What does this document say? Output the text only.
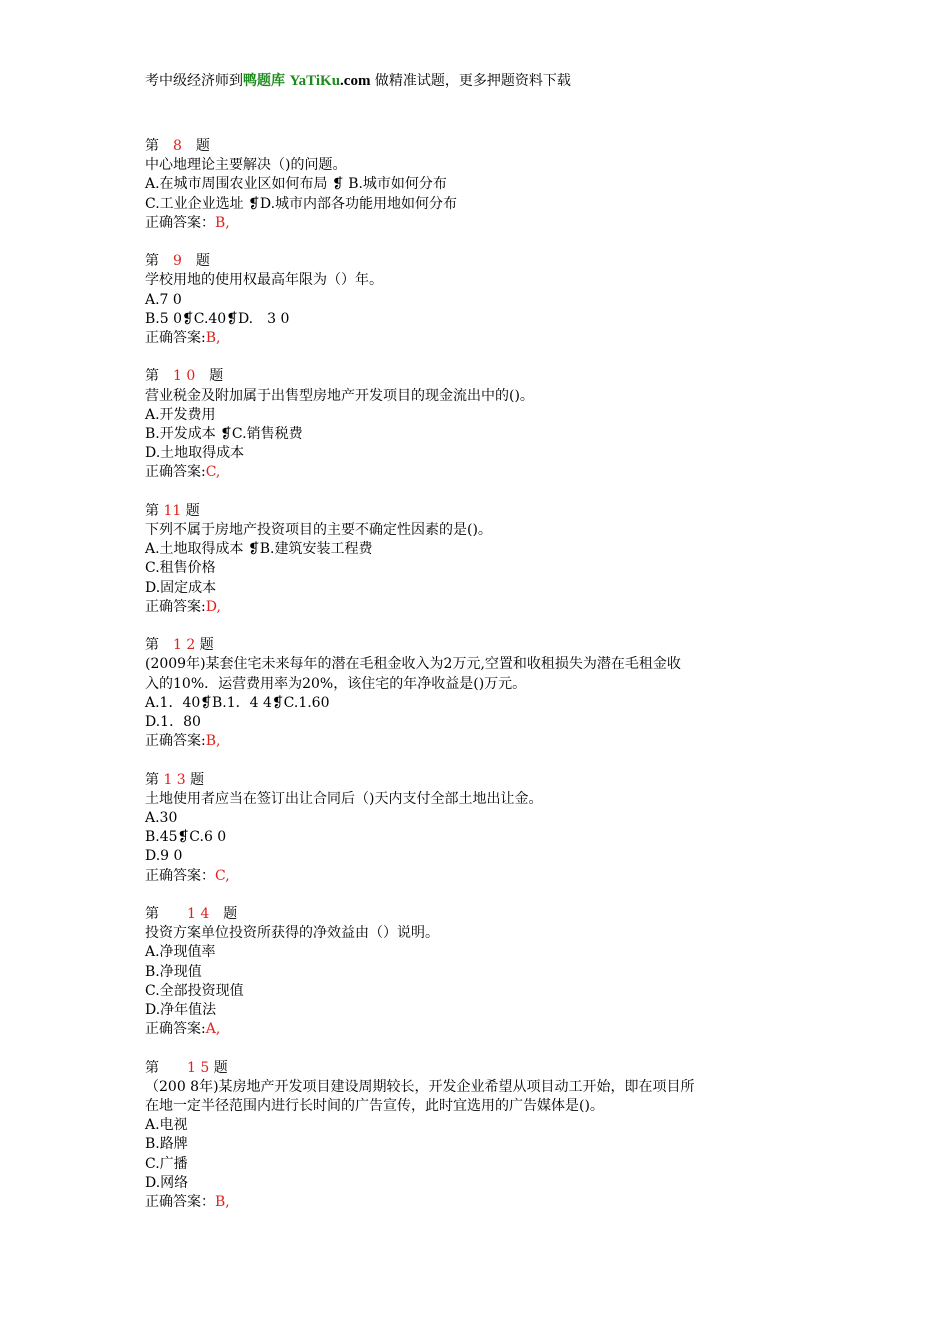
考中级经济师到鸭题库 YaTiKu.com 做精准试题，更多押题资料下载
第　8　题
中心地理论主要解决（)的问题。
A.在城市周围农业区如何布局 ❡ B.城市如何分布
C.工业企业选址 ❡D.城市内部各功能用地如何分布
正确答案：B,
第　9　题
学校用地的使用权最高年限为（）年。
A.7 0
B.5 0❡C.40❡D.　3 0
正确答案:B,
第　1 0　题
营业税金及附加属于出售型房地产开发项目的现金流出中的()。
A.开发费用
B.开发成本 ❡C.销售税费
D.土地取得成本
正确答案:C,
第 11 题
下列不属于房地产投资项目的主要不确定性因素的是()。
A.土地取得成本 ❡B.建筑安装工程费
C.租售价格
D.固定成本
正确答案:D,
第　1 2 题
(2009年)某套住宅未来每年的潜在毛租金收入为2万元,空置和收租损失为潜在毛租金收
入的10%．运营费用率为20%，该住宅的年净收益是()万元。
A.1．40❡B.1．4 4❡C.1.60
D.1．80
正确答案:B,
第 1 3 题
土地使用者应当在签订出让合同后（)天内支付全部土地出让金。
A.30
B.45❡C.6 0
D.9 0
正确答案：C,
第　　1 4　题
投资方案单位投资所获得的净效益由（）说明。
A.净现值率
B.净现值
C.全部投资现值
D.净年值法
正确答案:A,
第　　1 5 题
（200 8年)某房地产开发项目建设周期较长，开发企业希望从项目动工开始，即在项目所
在地一定半径范围内进行长时间的广告宣传，此时宜选用的广告媒体是()。
A.电视
B.路牌
C.广播
D.网络
正确答案：B,
